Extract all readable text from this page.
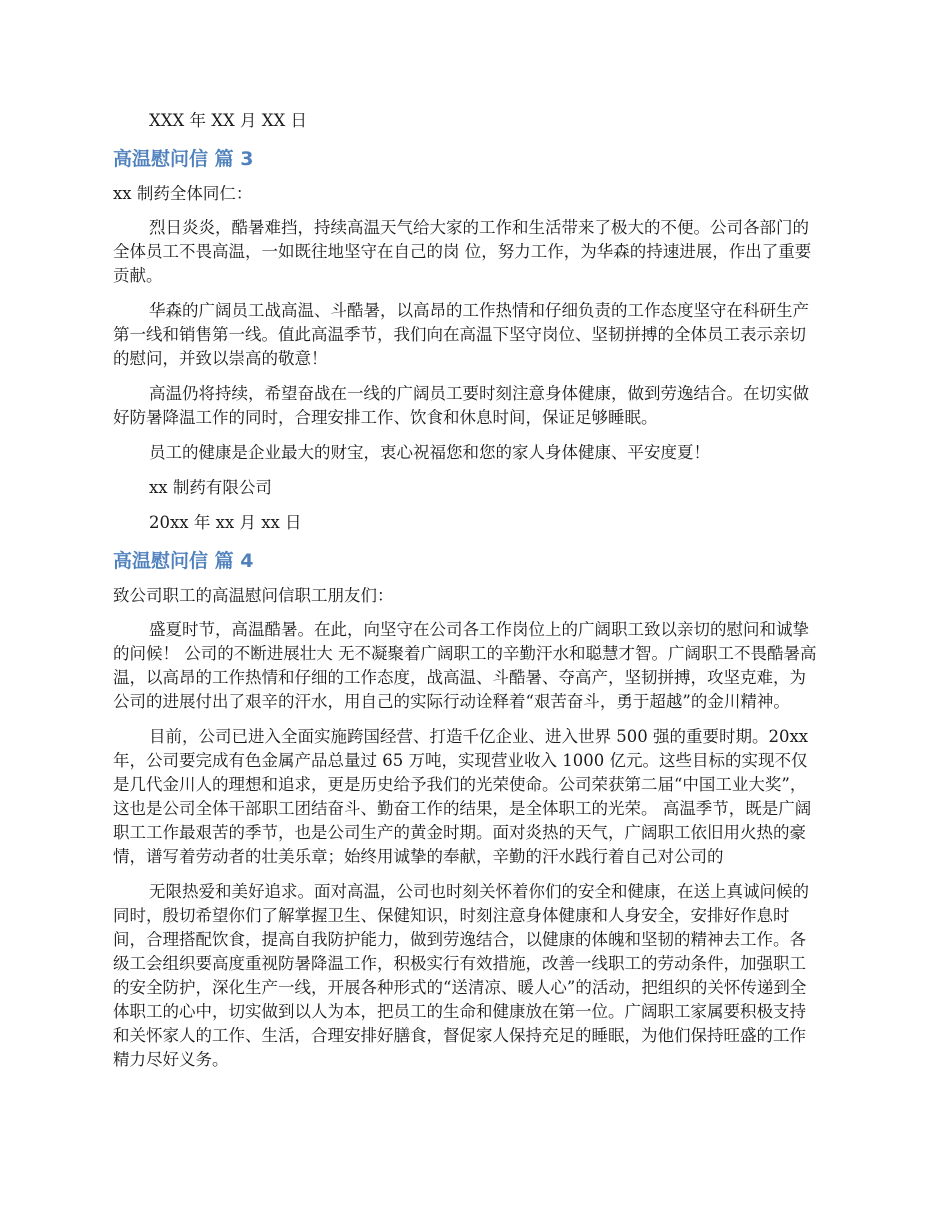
XXX 年 XX 月 XX 日

高温慰问信 篇 3

xx 制药全体同仁：

烈日炎炎，酷暑难挡，持续高温天气给大家的工作和生活带来了极大的不便。公司各部门的全体员工不畏高温，一如既往地坚守在自己的岗 位，努力工作，为华森的持速进展，作出了重要贡献。

华森的广阔员工战高温、斗酷暑，以高昂的工作热情和仔细负责的工作态度坚守在科研生产第一线和销售第一线。值此高温季节，我们向在高温下坚守岗位、坚韧拼搏的全体员工表示亲切的慰问，并致以崇高的敬意！

高温仍将持续，希望奋战在一线的广阔员工要时刻注意身体健康，做到劳逸结合。在切实做好防暑降温工作的同时，合理安排工作、饮食和休息时间，保证足够睡眠。

员工的健康是企业最大的财宝，衷心祝福您和您的家人身体健康、平安度夏！

xx 制药有限公司

20xx 年 xx 月 xx 日

高温慰问信 篇 4

致公司职工的高温慰问信职工朋友们：

盛夏时节，高温酷暑。在此，向坚守在公司各工作岗位上的广阔职工致以亲切的慰问和诚挚的问候！ 公司的不断进展壮大 无不凝聚着广阔职工的辛勤汗水和聪慧才智。广阔职工不畏酷暑高温，以高昂的工作热情和仔细的工作态度，战高温、斗酷暑、夺高产，坚韧拼搏，攻坚克难，为公司的进展付出了艰辛的汗水，用自己的实际行动诠释着“艰苦奋斗，勇于超越”的金川精神。

目前，公司已进入全面实施跨国经营、打造千亿企业、进入世界 500 强的重要时期。20xx 年，公司要完成有色金属产品总量过 65 万吨，实现营业收入 1000 亿元。这些目标的实现不仅是几代金川人的理想和追求，更是历史给予我们的光荣使命。公司荣获第二届“中国工业大奖”，这也是公司全体干部职工团结奋斗、勤奋工作的结果，是全体职工的光荣。 高温季节，既是广阔职工工作最艰苦的季节，也是公司生产的黄金时期。面对炎热的天气，广阔职工依旧用火热的豪情，谱写着劳动者的壮美乐章；始终用诚挚的奉献，辛勤的汗水践行着自己对公司的

无限热爱和美好追求。面对高温，公司也时刻关怀着你们的安全和健康，在送上真诚问候的同时，殷切希望你们了解掌握卫生、保健知识，时刻注意身体健康和人身安全，安排好作息时间，合理搭配饮食，提高自我防护能力，做到劳逸结合，以健康的体魄和坚韧的精神去工作。各级工会组织要高度重视防暑降温工作，积极实行有效措施，改善一线职工的劳动条件，加强职工的安全防护，深化生产一线，开展各种形式的“送清凉、暖人心”的活动，把组织的关怀传递到全体职工的心中，切实做到以人为本，把员工的生命和健康放在第一位。广阔职工家属要积极支持和关怀家人的工作、生活，合理安排好膳食，督促家人保持充足的睡眠，为他们保持旺盛的工作精力尽好义务。
